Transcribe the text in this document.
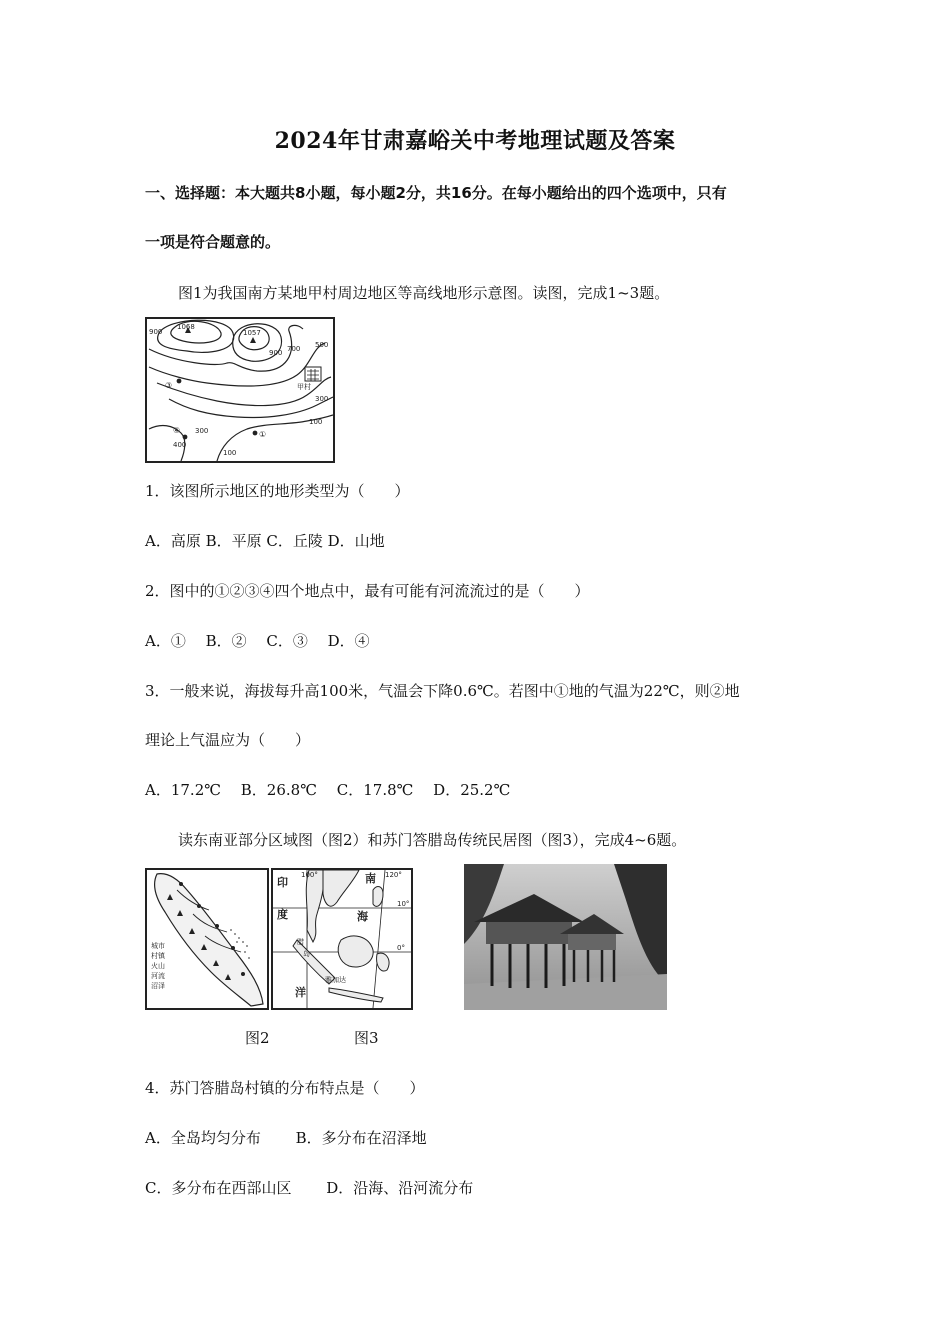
2024年甘肃嘉峪关中考地理试题及答案
一、选择题：本大题共8小题，每小题2分，共16分。在每小题给出的四个选项中，只有
一项是符合题意的。
图1为我国南方某地甲村周边地区等高线地形示意图。读图，完成1~3题。
1068
1057
900
900 700 500
300
300
100
100
400
甲村
③
④	①
1．该图所示地区的地形类型为（　　）
A．高原 B．平原 C．丘陵 D．山地
2．图中的①②③④四个地点中，最有可能有河流流过的是（　　）
A．①　 B．②　 C．③　 D．④
3．一般来说，海拔每升高100米，气温会下降0.6℃。若图中①地的气温为22℃，则②地
理论上气温应为（　　）
A．17.2℃　 B．26.8℃　 C．17.8℃　 D．25.2℃
读东南亚部分区域图（图2）和苏门答腊岛传统民居图（图3），完成4~6题。
城市
村镇
火山
河流
沼泽
100°	120°
10°
0°
腊
岛
雅加达
印
度
洋
南
海
图2	图3
4．苏门答腊岛村镇的分布特点是（　　）
A．全岛均匀分布　　 B．多分布在沼泽地
C．多分布在西部山区　　 D．沿海、沿河流分布
